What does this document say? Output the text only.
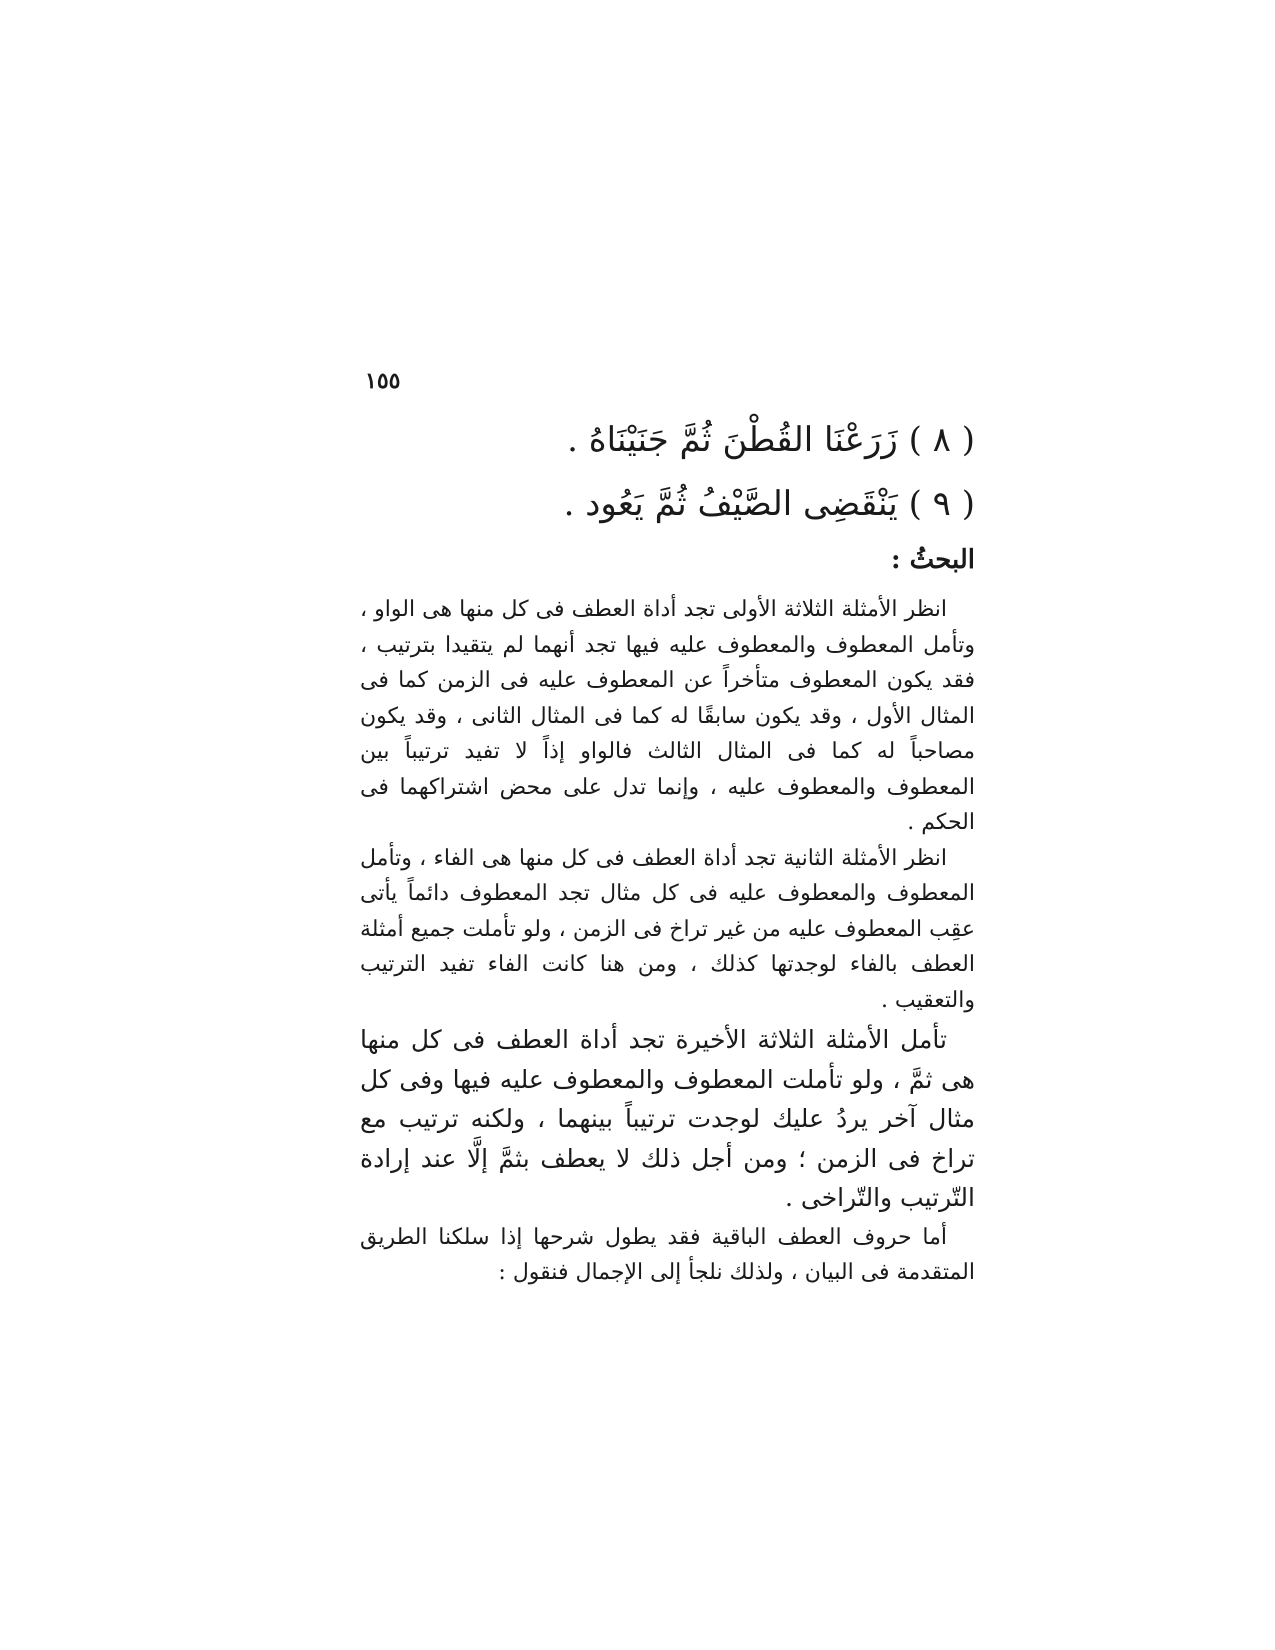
١٥٥

( ٨ ) زَرَعْنَا القُطْنَ ثُمَّ جَنَيْنَاهُ .

( ٩ ) يَنْقَضِى الصَّيْفُ ثُمَّ يَعُود .

البحثُ :

انظر الأمثلة الثلاثة الأولى تجد أداة العطف فى كل منها هى الواو ، وتأمل المعطوف والمعطوف عليه فيها تجد أنهما لم يتقيدا بترتيب ، فقد يكون المعطوف متأخراً عن المعطوف عليه فى الزمن كما فى المثال الأول ، وقد يكون سابقًا له كما فى المثال الثانى ، وقد يكون مصاحباً له كما فى المثال الثالث فالواو إذاً لا تفيد ترتيباً بين المعطوف والمعطوف عليه ، وإنما تدل على محض اشتراكهما فى الحكم .

انظر الأمثلة الثانية تجد أداة العطف فى كل منها هى الفاء ، وتأمل المعطوف والمعطوف عليه فى كل مثال تجد المعطوف دائماً يأتى عقِب المعطوف عليه من غير تراخ فى الزمن ، ولو تأملت جميع أمثلة العطف بالفاء لوجدتها كذلك ، ومن هنا كانت الفاء تفيد الترتيب والتعقيب .

تأمل الأمثلة الثلاثة الأخيرة تجد أداة العطف فى كل منها هى ثمَّ ، ولو تأملت المعطوف والمعطوف عليه فيها وفى كل مثال آخر يردُ عليك لوجدت ترتيباً بينهما ، ولكنه ترتيب مع تراخ فى الزمن ؛ ومن أجل ذلك لا يعطف بثمَّ إلَّا عند إرادة التّرتيب والتّراخى .

أما حروف العطف الباقية فقد يطول شرحها إذا سلكنا الطريق المتقدمة فى البيان ، ولذلك نلجأ إلى الإجمال فنقول :
